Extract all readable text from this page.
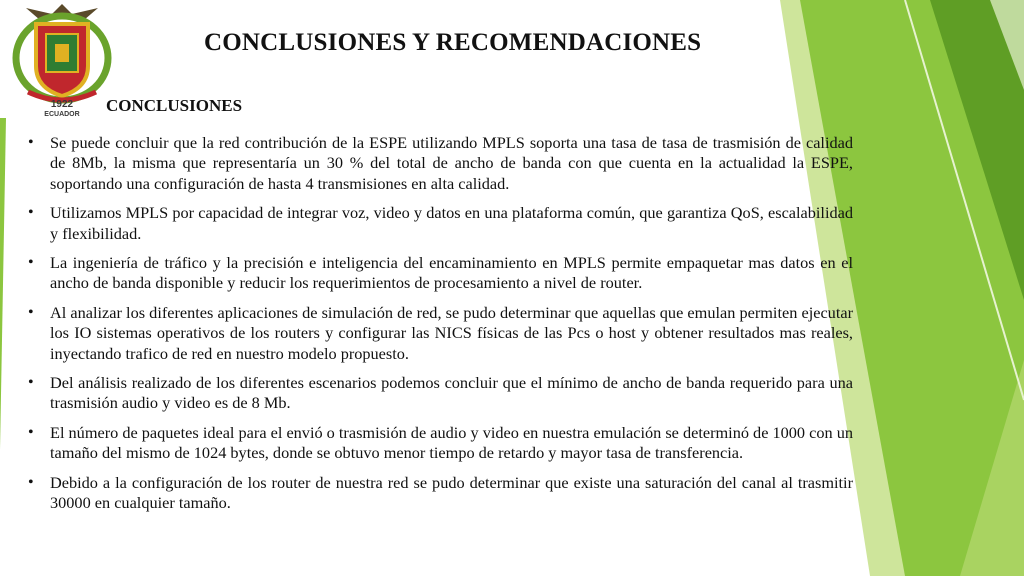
1922
ECUADOR
CONCLUSIONES Y RECOMENDACIONES
CONCLUSIONES
• Se puede concluir que la red contribución de la ESPE utilizando MPLS soporta una tasa de tasa de trasmisión de calidad de 8Mb, la misma que representaría un 30 % del total de ancho de banda con que cuenta en la actualidad la ESPE, soportando una configuración de hasta 4 transmisiones en alta calidad.
• Utilizamos MPLS por capacidad de integrar voz, video y datos en una plataforma común, que garantiza QoS, escalabilidad y flexibilidad.
• La ingeniería de tráfico y la precisión e inteligencia del encaminamiento en MPLS permite empaquetar mas datos en el ancho de banda disponible y reducir los requerimientos de procesamiento a nivel de router.
• Al analizar los diferentes aplicaciones de simulación de red, se pudo determinar que aquellas que emulan permiten ejecutar los IO sistemas operativos de los routers y configurar las NICS físicas de las Pcs o host y obtener resultados mas reales, inyectando trafico de red en nuestro modelo propuesto.
• Del análisis realizado de los diferentes escenarios podemos concluir que el mínimo de ancho de banda requerido para una trasmisión audio y video es de 8 Mb.
• El número de paquetes ideal para el envió o trasmisión de audio y video en nuestra emulación se determinó de 1000 con un tamaño del mismo de 1024 bytes, donde se obtuvo menor tiempo de retardo y mayor tasa de transferencia.
• Debido a la configuración de los router de nuestra red se pudo determinar que existe una saturación del canal al trasmitir 30000 en cualquier tamaño.
